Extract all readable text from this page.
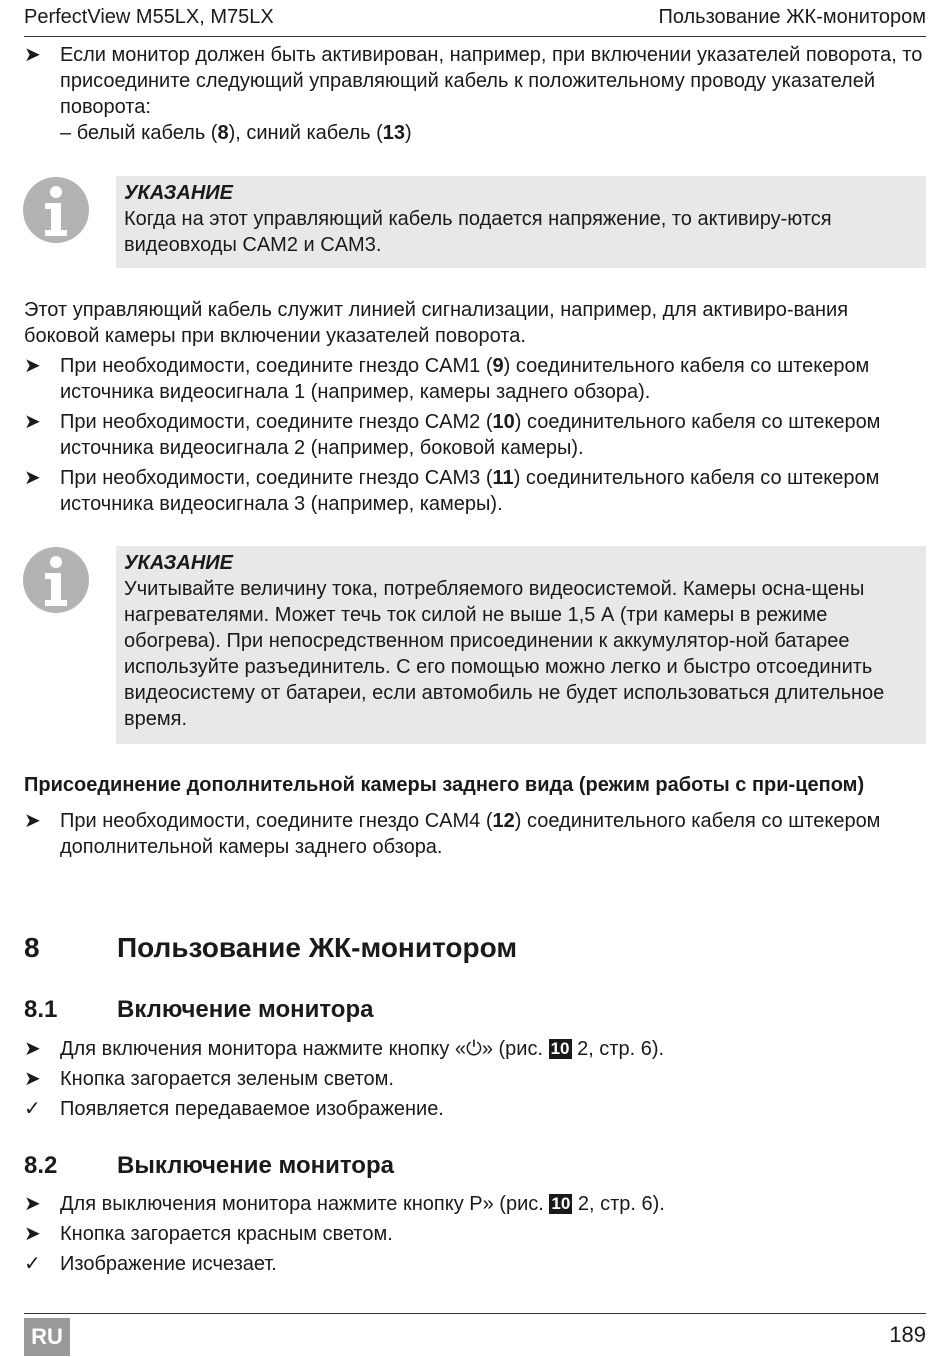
PerfectView M55LX, M75LX	Пользование ЖК-монитором
➤ Если монитор должен быть активирован, например, при включении указателей поворота, то присоедините следующий управляющий кабель к положительному проводу указателей поворота:
– белый кабель (8), синий кабель (13)
УКАЗАНИЕ
Когда на этот управляющий кабель подается напряжение, то активиру-ются видеовходы CAM2 и CAM3.
Этот управляющий кабель служит линией сигнализации, например, для активиро-вания боковой камеры при включении указателей поворота.
➤ При необходимости, соедините гнездо CAM1 (9) соединительного кабеля со штекером источника видеосигнала 1 (например, камеры заднего обзора).
➤ При необходимости, соедините гнездо CAM2 (10) соединительного кабеля со штекером источника видеосигнала 2 (например, боковой камеры).
➤ При необходимости, соедините гнездо CAM3 (11) соединительного кабеля со штекером источника видеосигнала 3 (например, камеры).
УКАЗАНИЕ
Учитывайте величину тока, потребляемого видеосистемой. Камеры осна-щены нагревателями. Может течь ток силой не выше 1,5 А (три камеры в режиме обогрева). При непосредственном присоединении к аккумулятор-ной батарее используйте разъединитель. С его помощью можно легко и быстро отсоединить видеосистему от батареи, если автомобиль не будет использоваться длительное время.
Присоединение дополнительной камеры заднего вида (режим работы с при-цепом)
➤ При необходимости, соедините гнездо CAM4 (12) соединительного кабеля со штекером дополнительной камеры заднего обзора.
8	Пользование ЖК-монитором
8.1 Включение монитора
➤ Для включения монитора нажмите кнопку «⏻» (рис. 10 2, стр. 6).
➤ Кнопка загорается зеленым светом.
✓ Появляется передаваемое изображение.
8.2 Выключение монитора
➤ Для выключения монитора нажмите кнопку P» (рис. 10 2, стр. 6).
➤ Кнопка загорается красным светом.
✓ Изображение исчезает.
RU	189
